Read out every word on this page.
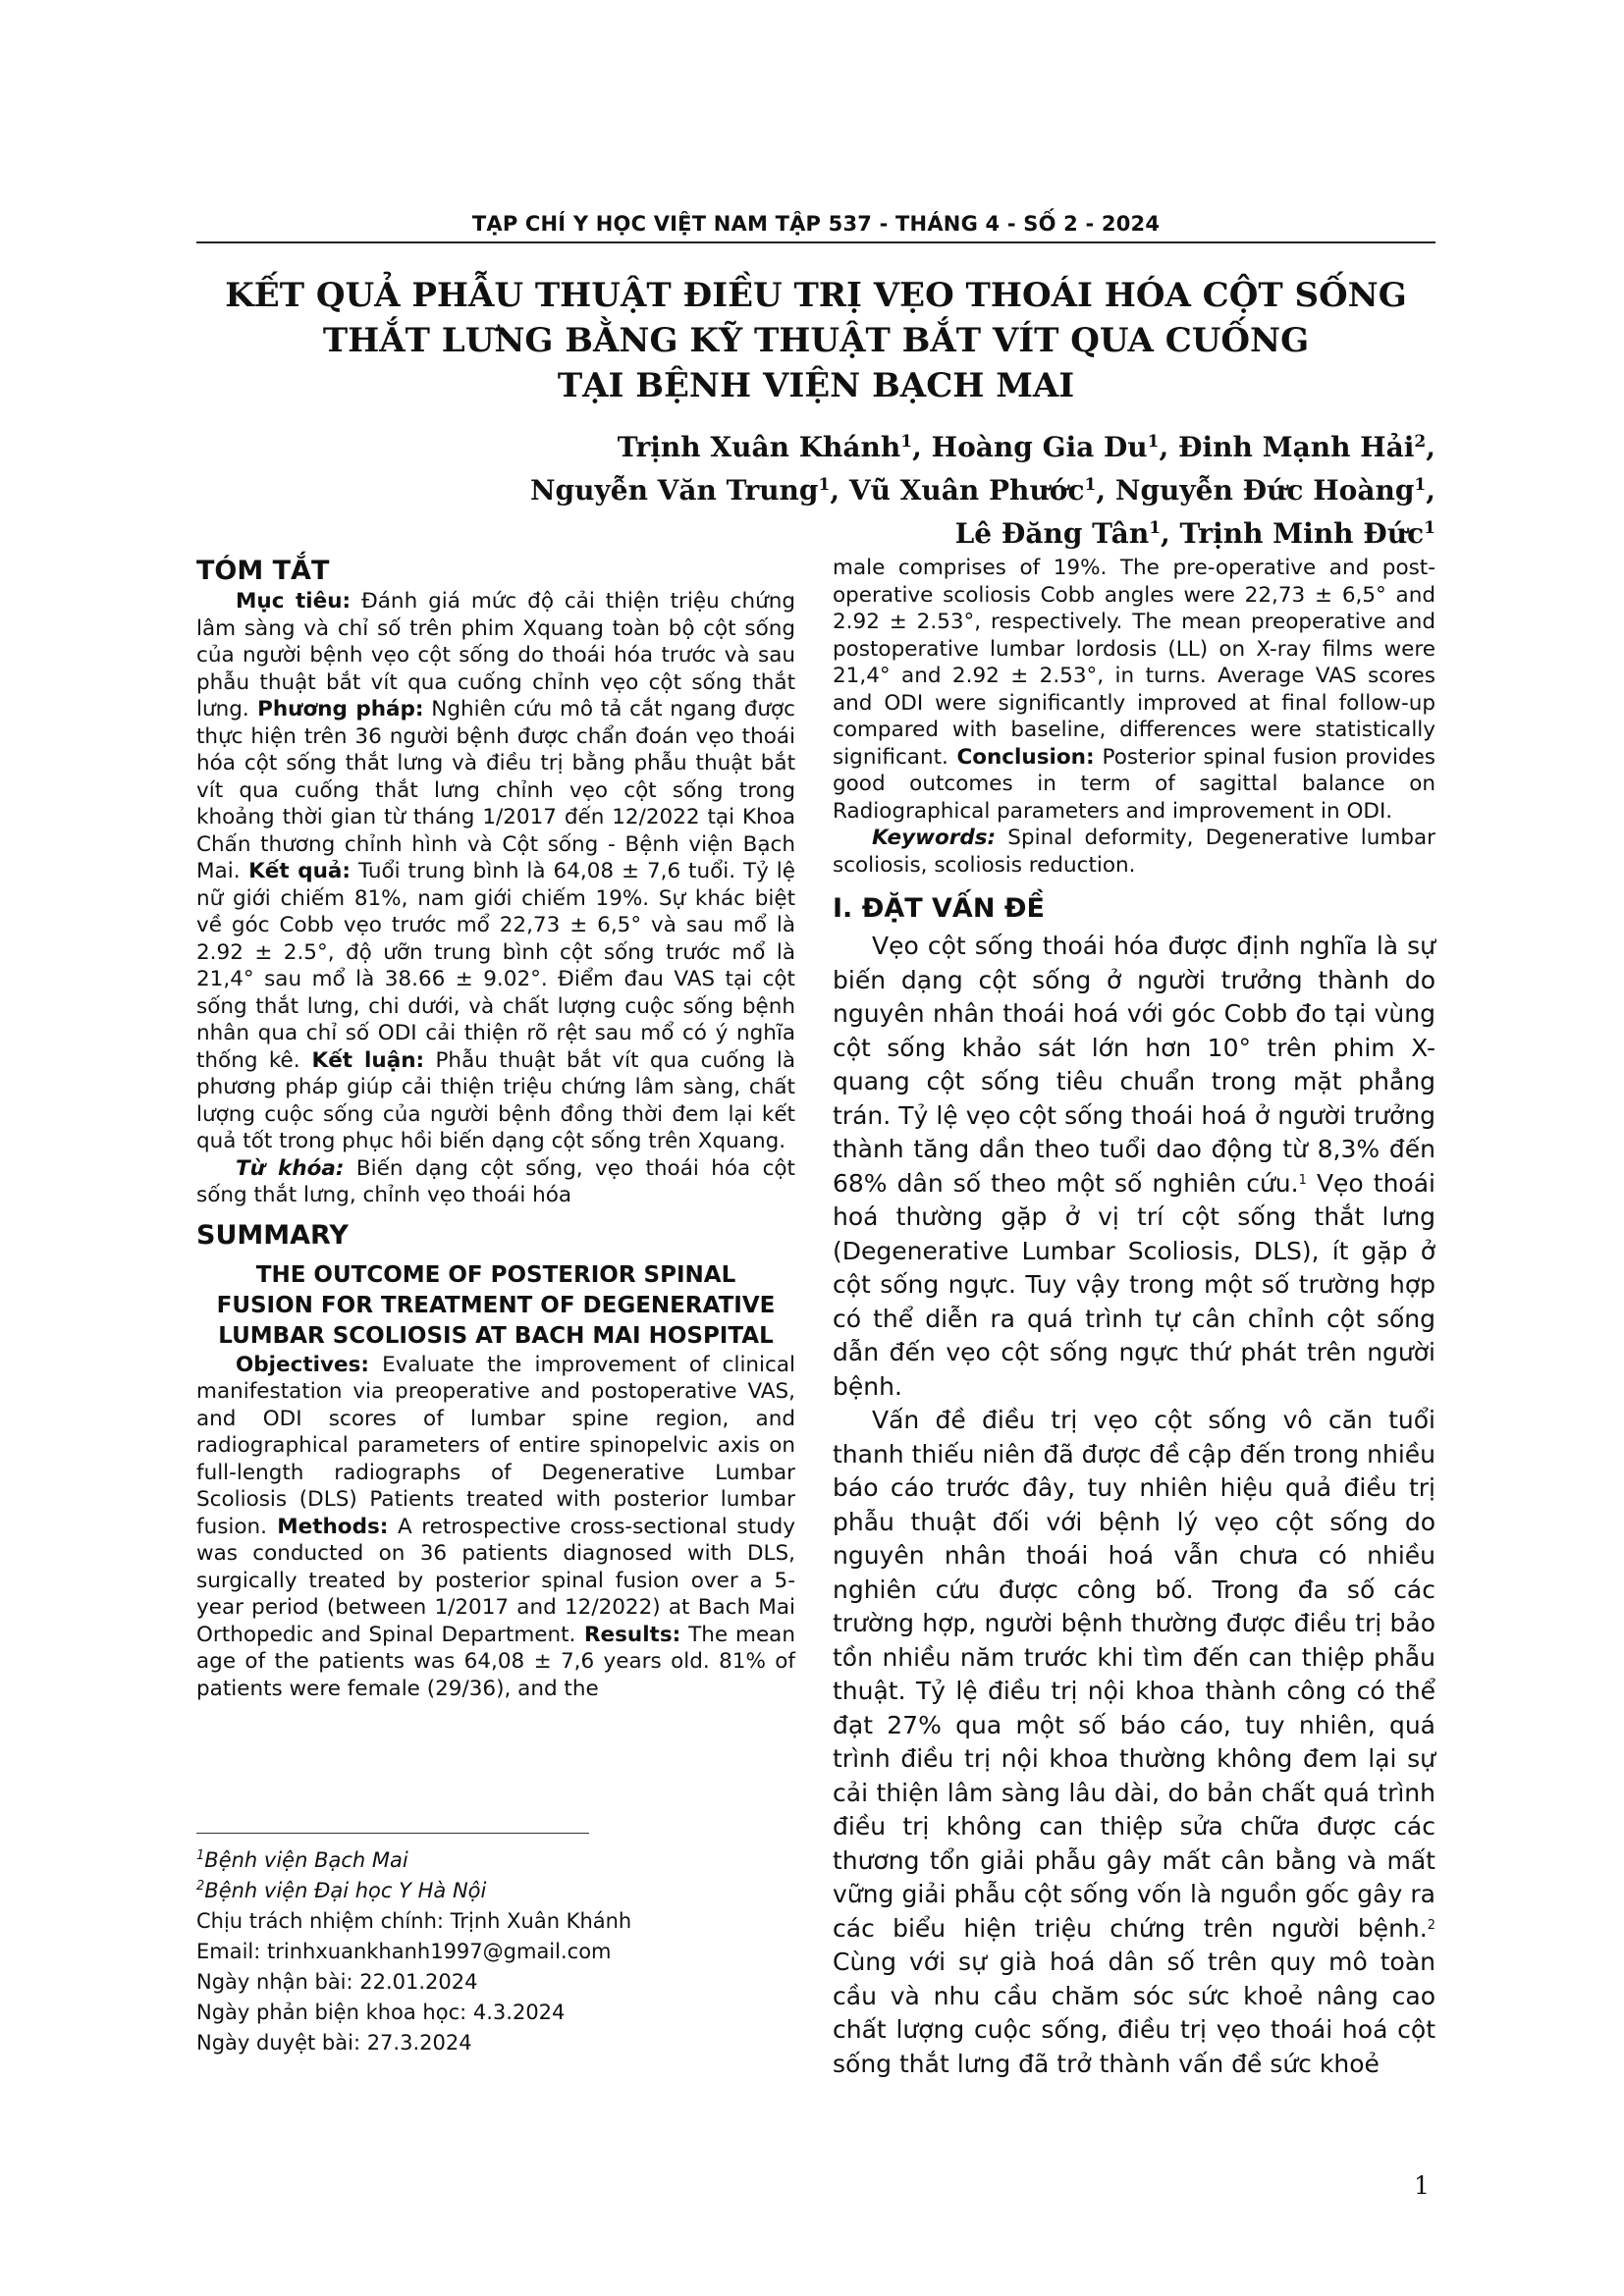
TẠP CHÍ Y HỌC VIỆT NAM TẬP 537 - THÁNG 4 - SỐ 2 - 2024
KẾT QUẢ PHẪU THUẬT ĐIỀU TRỊ VẸO THOÁI HÓA CỘT SỐNG
THẮT LƯNG BẰNG KỸ THUẬT BẮT VÍT QUA CUỐNG
TẠI BỆNH VIỆN BẠCH MAI
Trịnh Xuân Khánh$^1$, Hoàng Gia Du$^1$, Đinh Mạnh Hải$^2$,
Nguyễn Văn Trung$^1$, Vũ Xuân Phước$^1$, Nguyễn Đức Hoàng$^1$,
Lê Đăng Tân$^1$, Trịnh Minh Đức$^1$
TÓM TẮT

Mục tiêu: Đánh giá mức độ cải thiện triệu chứng lâm sàng và chỉ số trên phim Xquang toàn bộ cột sống của người bệnh vẹo cột sống do thoái hóa trước và sau phẫu thuật bắt vít qua cuống chỉnh vẹo cột sống thắt lưng. Phương pháp: Nghiên cứu mô tả cắt ngang được thực hiện trên 36 người bệnh được chẩn đoán vẹo thoái hóa cột sống thắt lưng và điều trị bằng phẫu thuật bắt vít qua cuống thắt lưng chỉnh vẹo cột sống trong khoảng thời gian từ tháng 1/2017 đến 12/2022 tại Khoa Chấn thương chỉnh hình và Cột sống - Bệnh viện Bạch Mai. Kết quả: Tuổi trung bình là 64,08 ± 7,6 tuổi. Tỷ lệ nữ giới chiếm 81%, nam giới chiếm 19%. Sự khác biệt về góc Cobb vẹo trước mổ 22,73 ± 6,5° và sau mổ là 2.92 ± 2.5°, độ ưỡn trung bình cột sống trước mổ là 21,4° sau mổ là 38.66 ± 9.02°. Điểm đau VAS tại cột sống thắt lưng, chi dưới, và chất lượng cuộc sống bệnh nhân qua chỉ số ODI cải thiện rõ rệt sau mổ có ý nghĩa thống kê. Kết luận: Phẫu thuật bắt vít qua cuống là phương pháp giúp cải thiện triệu chứng lâm sàng, chất lượng cuộc sống của người bệnh đồng thời đem lại kết quả tốt trong phục hồi biến dạng cột sống trên Xquang.

Từ khóa: Biến dạng cột sống, vẹo thoái hóa cột sống thắt lưng, chỉnh vẹo thoái hóa

SUMMARY
THE OUTCOME OF POSTERIOR SPINAL
FUSION FOR TREATMENT OF DEGENERATIVE
LUMBAR SCOLIOSIS AT BACH MAI HOSPITAL

Objectives: Evaluate the improvement of clinical manifestation via preoperative and postoperative VAS, and ODI scores of lumbar spine region, and radiographical parameters of entire spinopelvic axis on full-length radiographs of Degenerative Lumbar Scoliosis (DLS) Patients treated with posterior lumbar fusion. Methods: A retrospective cross-sectional study was conducted on 36 patients diagnosed with DLS, surgically treated by posterior spinal fusion over a 5-year period (between 1/2017 and 12/2022) at Bach Mai Orthopedic and Spinal Department. Results: The mean age of the patients was 64,08 ± 7,6 years old. 81% of patients were female (29/36), and the

$^1$Bệnh viện Bạch Mai
$^2$Bệnh viện Đại học Y Hà Nội
Chịu trách nhiệm chính: Trịnh Xuân Khánh
Email: trinhxuankhanh1997@gmail.com
Ngày nhận bài: 22.01.2024
Ngày phản biện khoa học: 4.3.2024
Ngày duyệt bài: 27.3.2024

male comprises of 19%. The pre-operative and post-operative scoliosis Cobb angles were 22,73 ± 6,5° and 2.92 ± 2.53°, respectively. The mean preoperative and postoperative lumbar lordosis (LL) on X-ray films were 21,4° and 2.92 ± 2.53°, in turns. Average VAS scores and ODI were significantly improved at final follow-up compared with baseline, differences were statistically significant. Conclusion: Posterior spinal fusion provides good outcomes in term of sagittal balance on Radiographical parameters and improvement in ODI.

Keywords: Spinal deformity, Degenerative lumbar scoliosis, scoliosis reduction.

I. ĐẶT VẤN ĐỀ

Vẹo cột sống thoái hóa được định nghĩa là sự biến dạng cột sống ở người trưởng thành do nguyên nhân thoái hoá với góc Cobb đo tại vùng cột sống khảo sát lớn hơn 10° trên phim X-quang cột sống tiêu chuẩn trong mặt phẳng trán. Tỷ lệ vẹo cột sống thoái hoá ở người trưởng thành tăng dần theo tuổi dao động từ 8,3% đến 68% dân số theo một số nghiên cứu.$^1$ Vẹo thoái hoá thường gặp ở vị trí cột sống thắt lưng (Degenerative Lumbar Scoliosis, DLS), ít gặp ở cột sống ngực. Tuy vậy trong một số trường hợp có thể diễn ra quá trình tự cân chỉnh cột sống dẫn đến vẹo cột sống ngực thứ phát trên người bệnh.

Vấn đề điều trị vẹo cột sống vô căn tuổi thanh thiếu niên đã được đề cập đến trong nhiều báo cáo trước đây, tuy nhiên hiệu quả điều trị phẫu thuật đối với bệnh lý vẹo cột sống do nguyên nhân thoái hoá vẫn chưa có nhiều nghiên cứu được công bố. Trong đa số các trường hợp, người bệnh thường được điều trị bảo tồn nhiều năm trước khi tìm đến can thiệp phẫu thuật. Tỷ lệ điều trị nội khoa thành công có thể đạt 27% qua một số báo cáo, tuy nhiên, quá trình điều trị nội khoa thường không đem lại sự cải thiện lâm sàng lâu dài, do bản chất quá trình điều trị không can thiệp sửa chữa được các thương tổn giải phẫu gây mất cân bằng và mất vững giải phẫu cột sống vốn là nguồn gốc gây ra các biểu hiện triệu chứng trên người bệnh.$^2$ Cùng với sự già hoá dân số trên quy mô toàn cầu và nhu cầu chăm sóc sức khoẻ nâng cao chất lượng cuộc sống, điều trị vẹo thoái hoá cột sống thắt lưng đã trở thành vấn đề sức khoẻ

1
